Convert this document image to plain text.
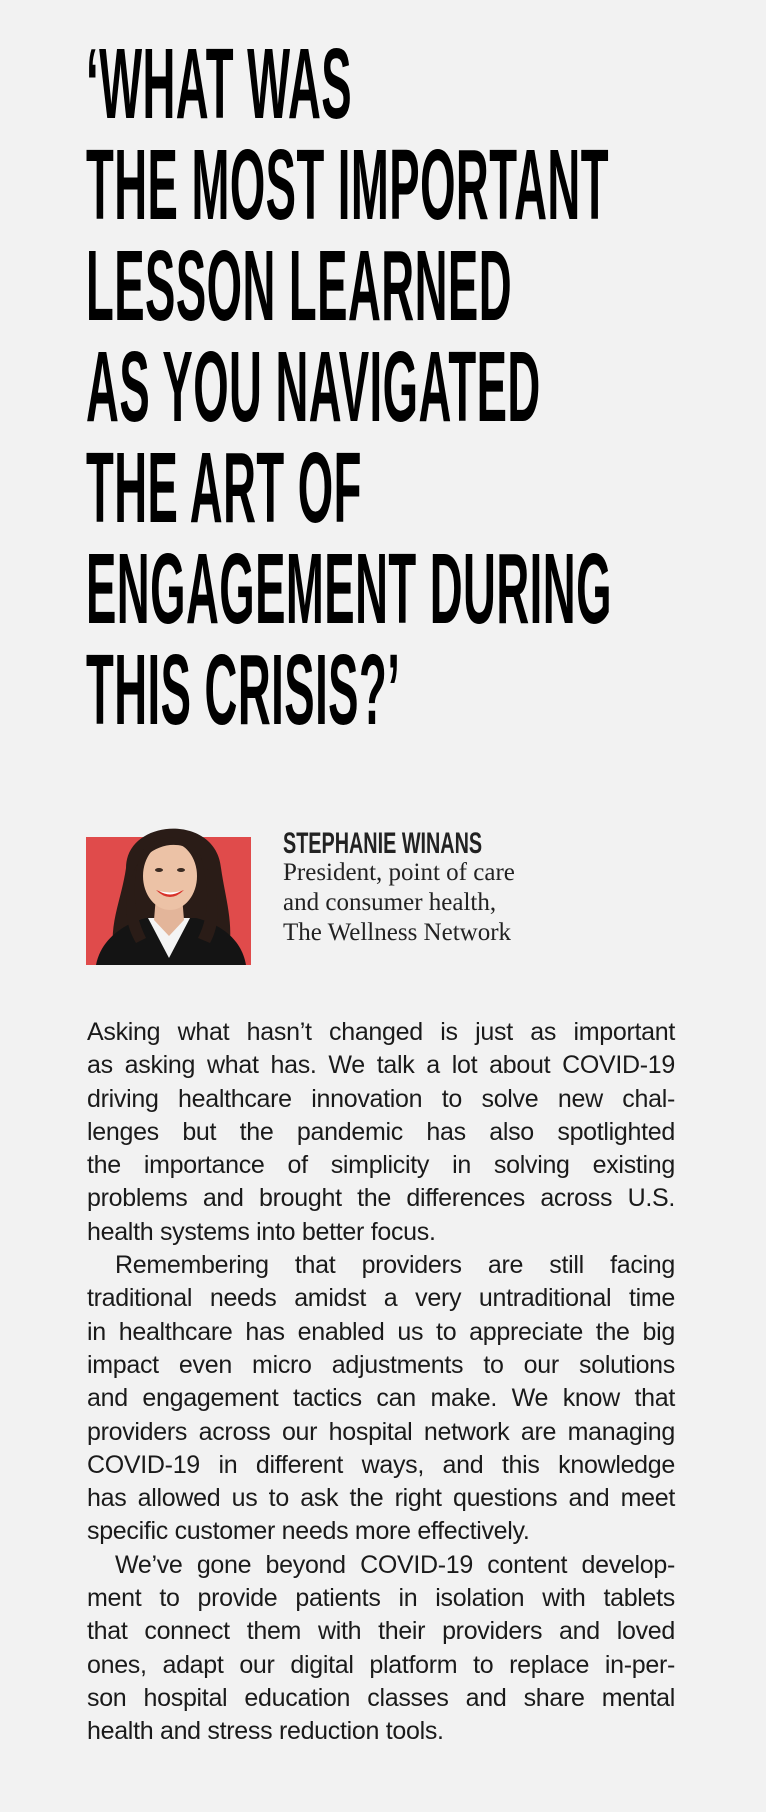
‘WHAT WAS
THE MOST IMPORTANT
LESSON LEARNED
AS YOU NAVIGATED
THE ART OF
ENGAGEMENT DURING
THIS CRISIS?’
STEPHANIE WINANS
President, point of care
and consumer health,
The Wellness Network

Asking what hasn’t changed is just as important
as asking what has. We talk a lot about COVID-19
driving healthcare innovation to solve new chal-
lenges but the pandemic has also spotlighted
the importance of simplicity in solving existing
problems and brought the differences across U.S.
health systems into better focus.

Remembering that providers are still facing
traditional needs amidst a very untraditional time
in healthcare has enabled us to appreciate the big
impact even micro adjustments to our solutions
and engagement tactics can make. We know that
providers across our hospital network are managing
COVID-19 in different ways, and this knowledge
has allowed us to ask the right questions and meet
specific customer needs more effectively.

We’ve gone beyond COVID-19 content develop-
ment to provide patients in isolation with tablets
that connect them with their providers and loved
ones, adapt our digital platform to replace in-per-
son hospital education classes and share mental
health and stress reduction tools.
